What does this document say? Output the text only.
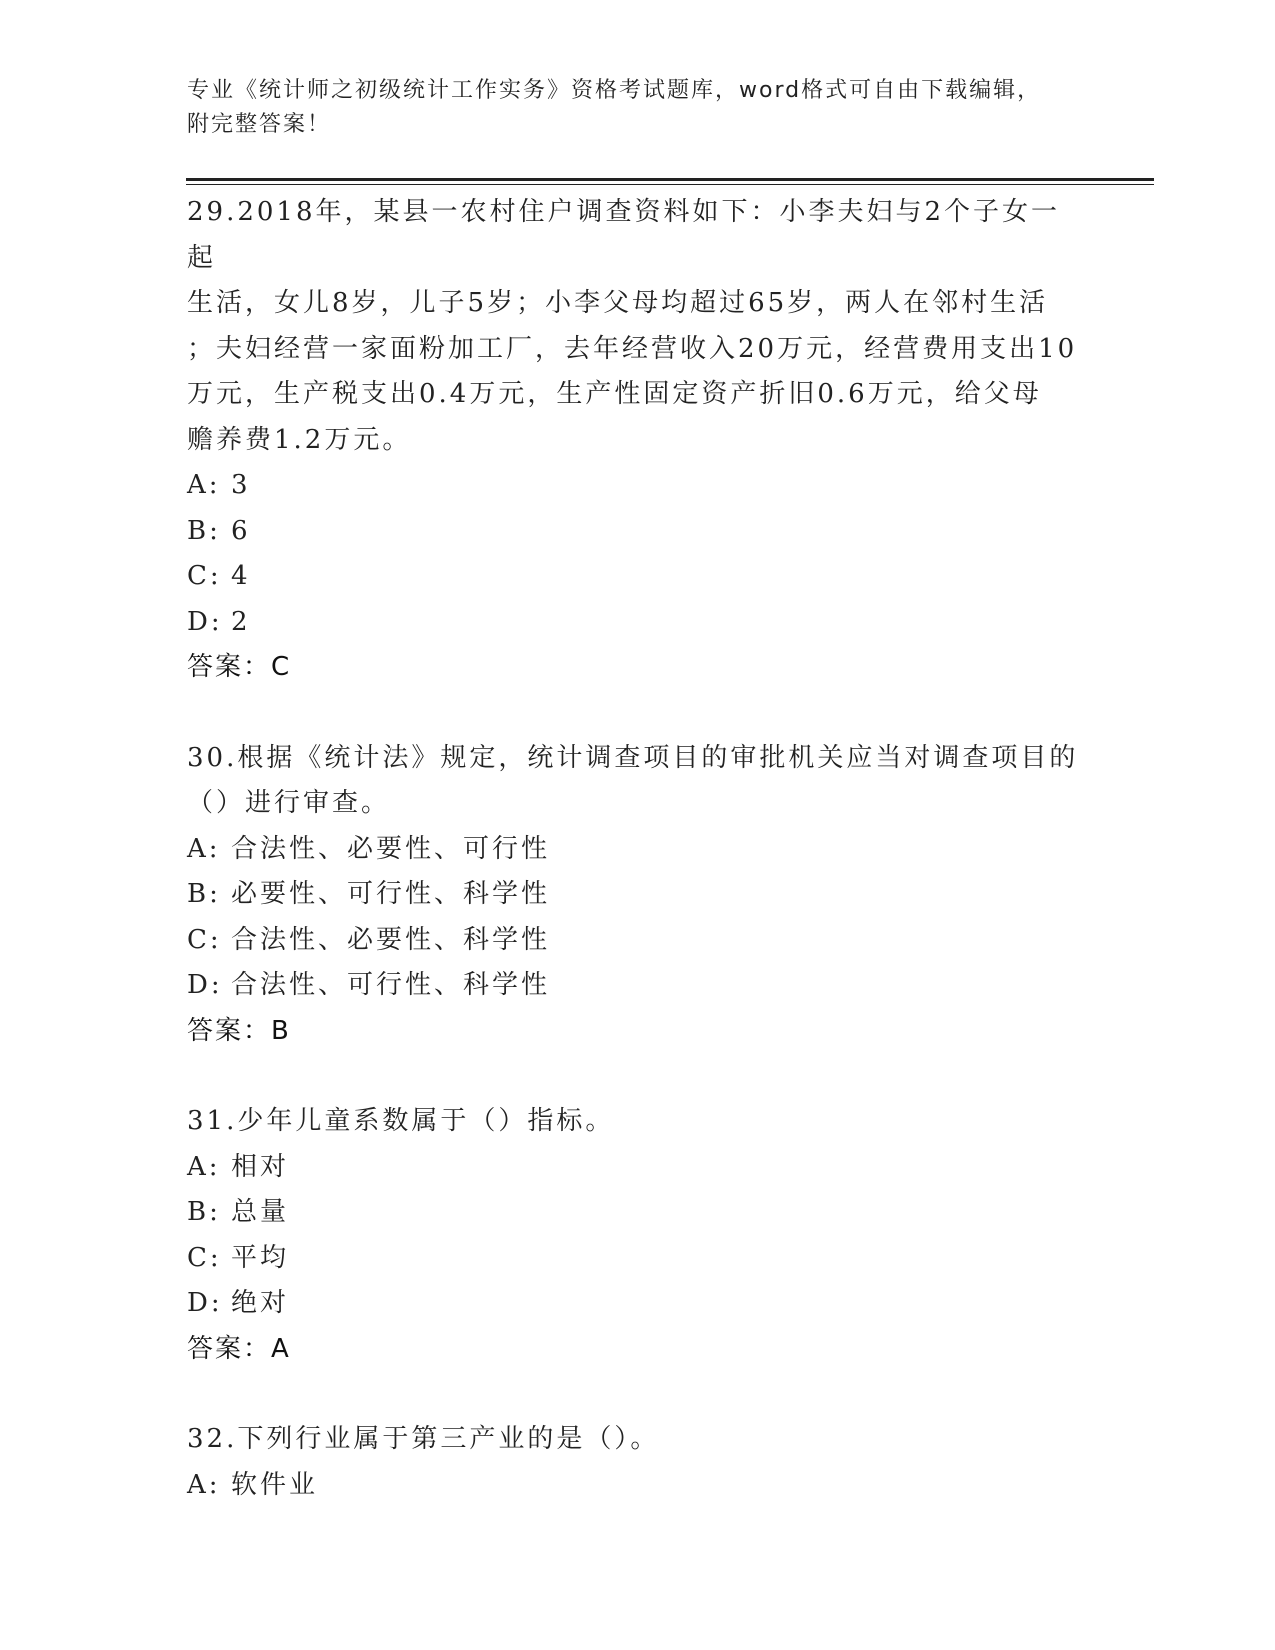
专业《统计师之初级统计工作实务》资格考试题库，word格式可自由下载编辑，
附完整答案！
29.2018年，某县一农村住户调查资料如下：小李夫妇与2个子女一起
生活，女儿8岁，儿子5岁；小李父母均超过65岁，两人在邻村生活
；夫妇经营一家面粉加工厂，去年经营收入20万元，经营费用支出10
万元，生产税支出0.4万元，生产性固定资产折旧0.6万元，给父母
赡养费1.2万元。
A: 3
B: 6
C: 4
D: 2
答案：C
30.根据《统计法》规定，统计调查项目的审批机关应当对调查项目的
（）进行审查。
A: 合法性、必要性、可行性
B: 必要性、可行性、科学性
C: 合法性、必要性、科学性
D: 合法性、可行性、科学性
答案：B
31.少年儿童系数属于（）指标。
A: 相对
B: 总量
C: 平均
D: 绝对
答案：A
32.下列行业属于第三产业的是（）。
A: 软件业
